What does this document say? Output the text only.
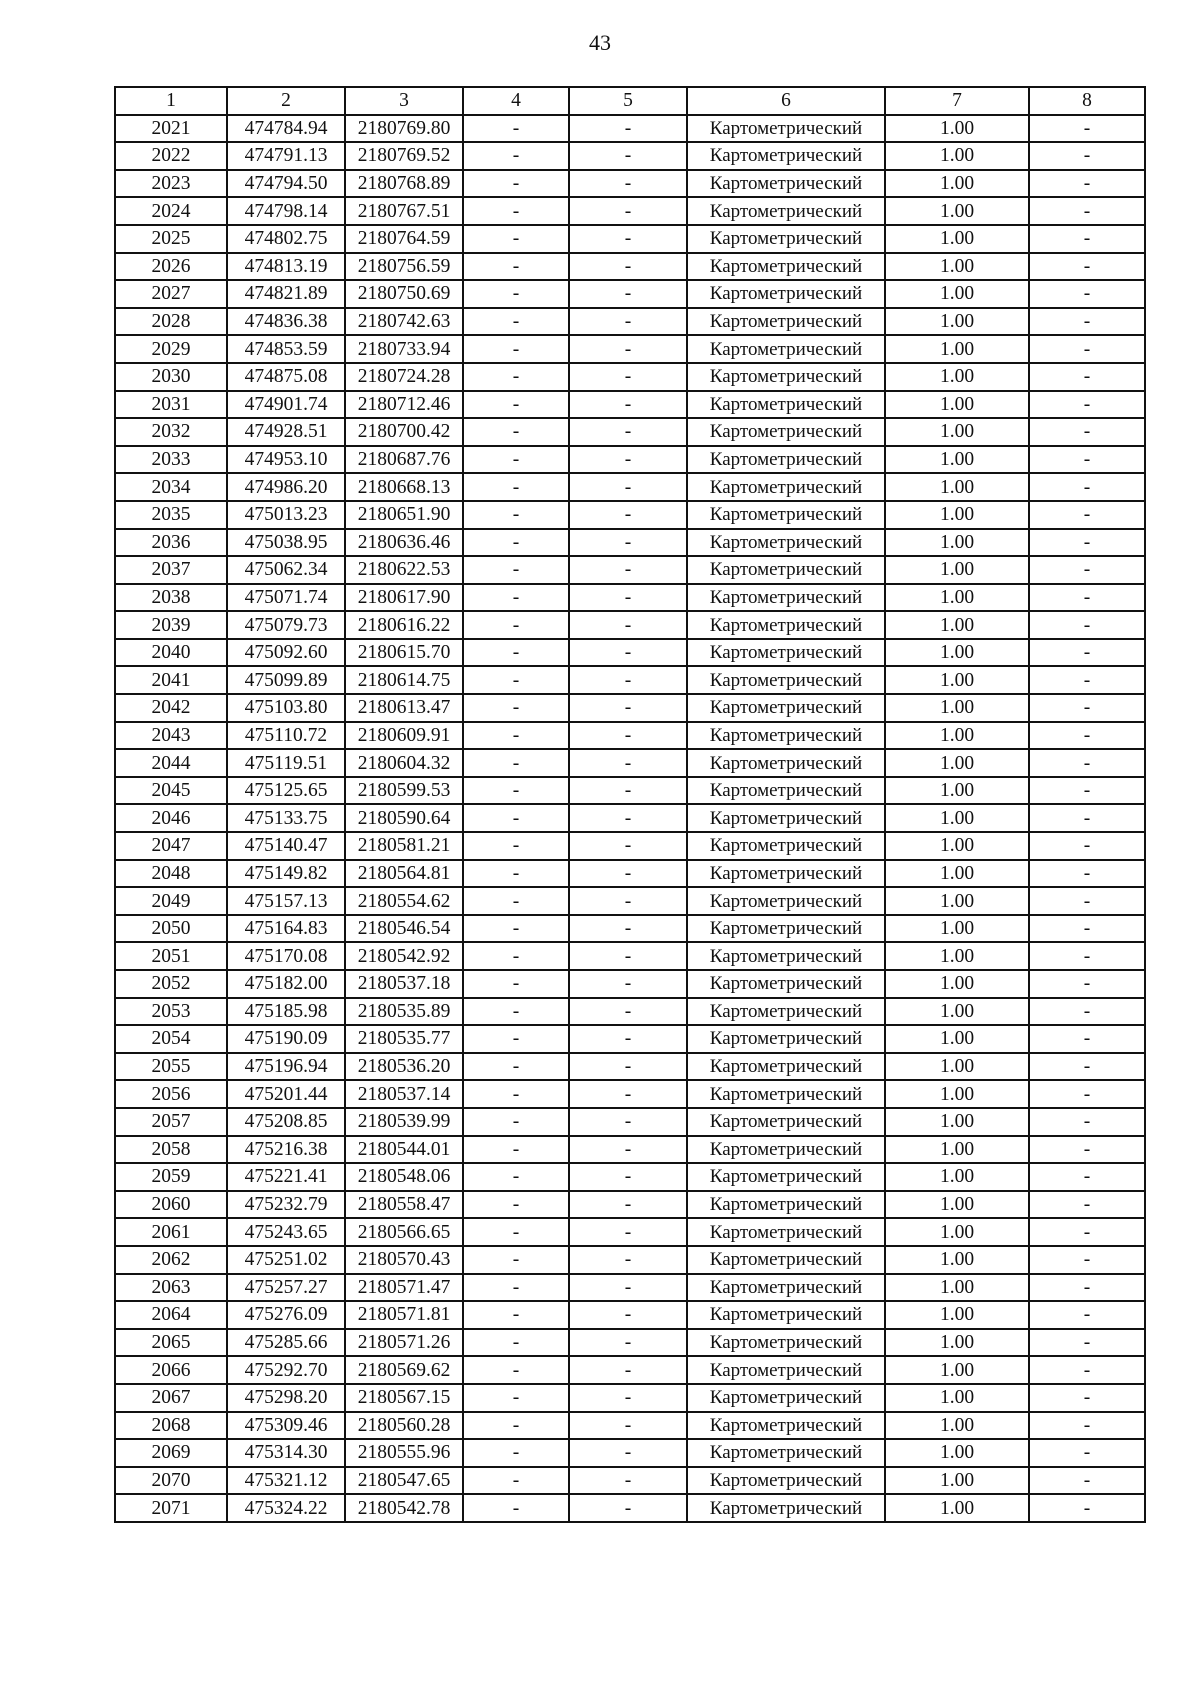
43
1	2	3	4	5	6	7	8
2021	474784.94	2180769.80	-	-	Картометрический	1.00	-
2022	474791.13	2180769.52	-	-	Картометрический	1.00	-
2023	474794.50	2180768.89	-	-	Картометрический	1.00	-
2024	474798.14	2180767.51	-	-	Картометрический	1.00	-
2025	474802.75	2180764.59	-	-	Картометрический	1.00	-
2026	474813.19	2180756.59	-	-	Картометрический	1.00	-
2027	474821.89	2180750.69	-	-	Картометрический	1.00	-
2028	474836.38	2180742.63	-	-	Картометрический	1.00	-
2029	474853.59	2180733.94	-	-	Картометрический	1.00	-
2030	474875.08	2180724.28	-	-	Картометрический	1.00	-
2031	474901.74	2180712.46	-	-	Картометрический	1.00	-
2032	474928.51	2180700.42	-	-	Картометрический	1.00	-
2033	474953.10	2180687.76	-	-	Картометрический	1.00	-
2034	474986.20	2180668.13	-	-	Картометрический	1.00	-
2035	475013.23	2180651.90	-	-	Картометрический	1.00	-
2036	475038.95	2180636.46	-	-	Картометрический	1.00	-
2037	475062.34	2180622.53	-	-	Картометрический	1.00	-
2038	475071.74	2180617.90	-	-	Картометрический	1.00	-
2039	475079.73	2180616.22	-	-	Картометрический	1.00	-
2040	475092.60	2180615.70	-	-	Картометрический	1.00	-
2041	475099.89	2180614.75	-	-	Картометрический	1.00	-
2042	475103.80	2180613.47	-	-	Картометрический	1.00	-
2043	475110.72	2180609.91	-	-	Картометрический	1.00	-
2044	475119.51	2180604.32	-	-	Картометрический	1.00	-
2045	475125.65	2180599.53	-	-	Картометрический	1.00	-
2046	475133.75	2180590.64	-	-	Картометрический	1.00	-
2047	475140.47	2180581.21	-	-	Картометрический	1.00	-
2048	475149.82	2180564.81	-	-	Картометрический	1.00	-
2049	475157.13	2180554.62	-	-	Картометрический	1.00	-
2050	475164.83	2180546.54	-	-	Картометрический	1.00	-
2051	475170.08	2180542.92	-	-	Картометрический	1.00	-
2052	475182.00	2180537.18	-	-	Картометрический	1.00	-
2053	475185.98	2180535.89	-	-	Картометрический	1.00	-
2054	475190.09	2180535.77	-	-	Картометрический	1.00	-
2055	475196.94	2180536.20	-	-	Картометрический	1.00	-
2056	475201.44	2180537.14	-	-	Картометрический	1.00	-
2057	475208.85	2180539.99	-	-	Картометрический	1.00	-
2058	475216.38	2180544.01	-	-	Картометрический	1.00	-
2059	475221.41	2180548.06	-	-	Картометрический	1.00	-
2060	475232.79	2180558.47	-	-	Картометрический	1.00	-
2061	475243.65	2180566.65	-	-	Картометрический	1.00	-
2062	475251.02	2180570.43	-	-	Картометрический	1.00	-
2063	475257.27	2180571.47	-	-	Картометрический	1.00	-
2064	475276.09	2180571.81	-	-	Картометрический	1.00	-
2065	475285.66	2180571.26	-	-	Картометрический	1.00	-
2066	475292.70	2180569.62	-	-	Картометрический	1.00	-
2067	475298.20	2180567.15	-	-	Картометрический	1.00	-
2068	475309.46	2180560.28	-	-	Картометрический	1.00	-
2069	475314.30	2180555.96	-	-	Картометрический	1.00	-
2070	475321.12	2180547.65	-	-	Картометрический	1.00	-
2071	475324.22	2180542.78	-	-	Картометрический	1.00	-
